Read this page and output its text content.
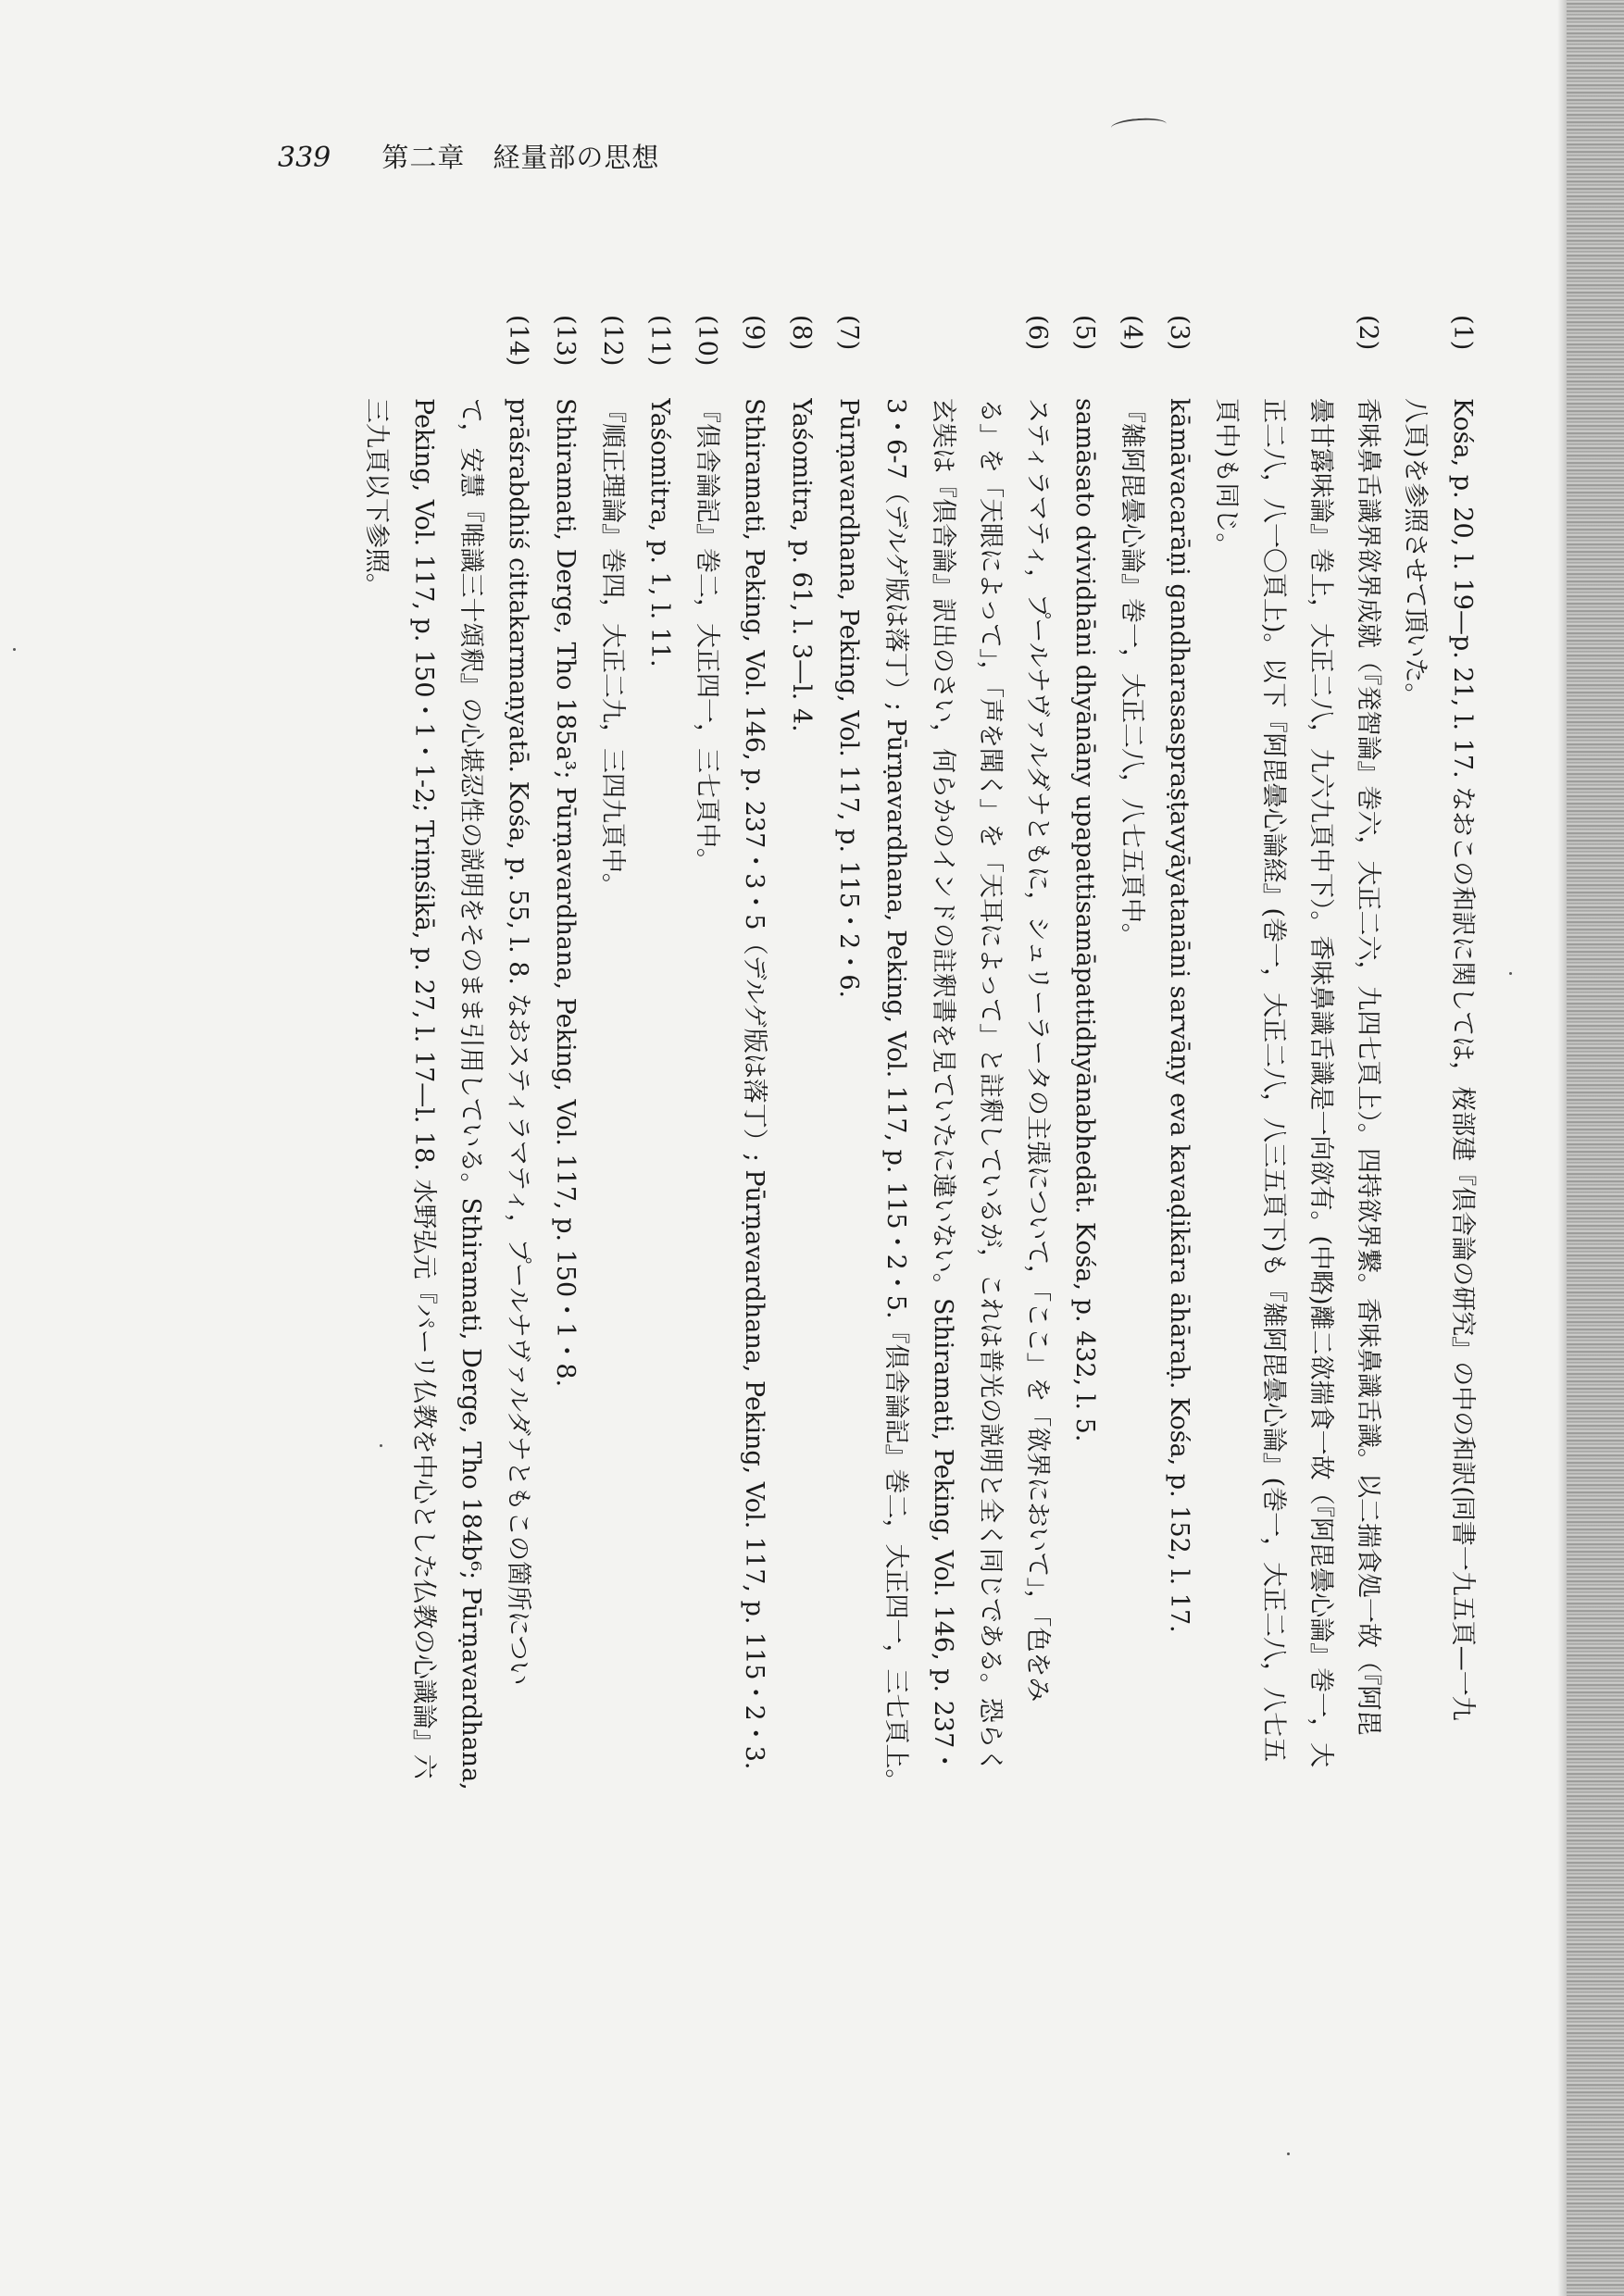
339 第二章　経量部の思想
(1)
Kośa, p. 20, l. 19—p. 21, l. 17. なおこの和訳に関しては，桜部建『倶舎論の研究』の中の和訳(同書一九五頁—一九
八頁)を参照させて頂いた。
(2)
香味鼻舌識界欲界成就（『発智論』巻六，大正二六，九四七頁上）。四持欲界繋。香味鼻識舌識。以二揣食処一故（『阿毘
曇甘露味論』巻上，大正二八，九六九頁中下）。香味鼻識舌識是一向欲有。(中略)離二欲揣食一故（『阿毘曇心論』巻一，大
正二八，八一〇頁上)。以下『阿毘曇心論経』(巻一，大正二八，八三五頁下)も『雑阿毘曇心論』(巻一，大正二八，八七五
頁中)も同じ。
(3)
kāmāvacarāṇi gandharasaspraṣṭavyāyatanāni sarvāṇy eva kavaḍikāra āhāraḥ. Kośa, p. 152, l. 17.
(4)
『雑阿毘曇心論』巻一，大正二八，八七五頁中。
(5)
samāsato dvividhāni dhyānāny upapattisamāpattidhyānabhedāt. Kośa, p. 432, l. 5.
(6)
スティラマティ，プールナヴァルダナともに，シュリーラータの主張について，「ここ」を「欲界において」，「色をみ
る」を「天眼によって」，「声を聞く」を「天耳によって」と註釈しているが，これは普光の説明と全く同じである。恐らく
玄奘は『倶舎論』訳出のさい，何らかのインドの註釈書を見ていたに違いない。Sthiramati, Peking, Vol. 146, p. 237・
3・6-7（デルゲ版は落丁）; Pūrṇavardhana, Peking, Vol. 117, p. 115・2・5.『倶舎論記』巻二，大正四一，三七頁上。
(7)
Pūrṇavardhana, Peking, Vol. 117, p. 115・2・6.
(8)
Yaśomitra, p. 61, l. 3—l. 4.
(9)
Sthiramati, Peking, Vol. 146, p. 237・3・5（デルゲ版は落丁）; Pūrṇavardhana, Peking, Vol. 117, p. 115・2・3.
(10)
『倶舎論記』巻二，大正四一，三七頁中。
(11)
Yaśomitra, p. 1, l. 11.
(12)
『順正理論』巻四，大正二九，三四九頁中。
(13)
Sthiramati, Derge, Tho 185a³; Pūrṇavardhana, Peking, Vol. 117, p. 150・1・8.
(14)
prāśrabdhiś cittakarmaṇyatā. Kośa, p. 55, l. 8. なおスティラマティ，プールナヴァルダナともこの箇所につい
て，安慧『唯識三十頌釈』の心堪忍性の説明をそのまま引用している。Sthiramati, Derge, Tho 184b⁶; Pūrṇavardhana,
Peking, Vol. 117, p. 150・1・1-2; Triṃśikā, p. 27, l. 17—l. 18. 水野弘元『パーリ仏教を中心とした仏教の心識論』六
三九頁以下参照。
